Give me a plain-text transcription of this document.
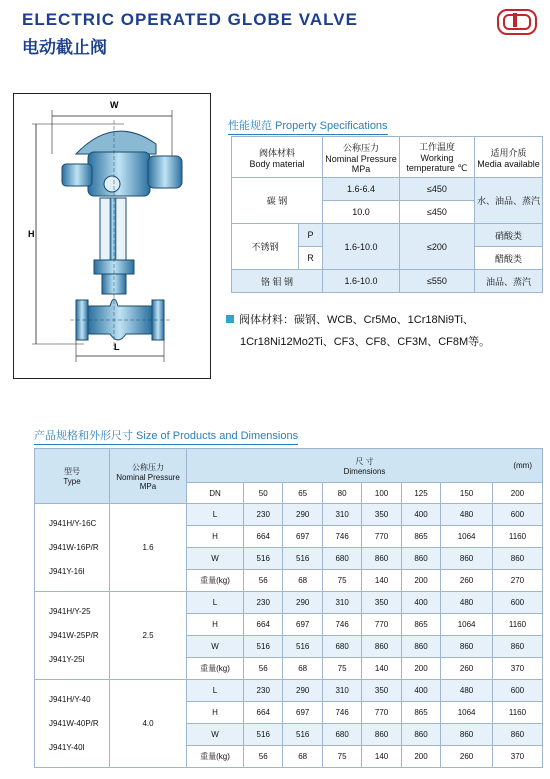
ELECTRIC OPERATED GLOBE VALVE
电动截止阀
W
H
L
性能规范 Property Specifications
阀体材料
Body material		公称压力
Nominal Pressure MPa	工作温度
Working temperature ℃	适用介质
Media available
碳 钢		1.6-6.4	≤450	水、油品、蒸汽
		10.0	≤450	
不锈钢	P	1.6-10.0	≤200	硝酸类
	R			醋酸类
铬 钼 钢		1.6-10.0	≤550	油品、蒸汽
阀体材料：碳钢、WCB、Cr5Mo、1Cr18Ni9Ti、
1Cr18Ni12Mo2Ti、CF3、CF8、CF3M、CF8M等。
产品规格和外形尺寸 Size of Products and Dimensions
型号
Type	公称压力
Nominal Pressure MPa	尺 寸
Dimensions
(mm)							

		DN	50	65	80	100	125	150	200

J941H/Y-16C
J941W-16P/R
J941Y-16I	1.6	L	230	290	310	350	400	480	600
		H	664	697	746	770	865	1064	1160
		W	516	516	680	860	860	860	860
		重量(kg)	56	68	75	140	200	260	270

J941H/Y-25
J941W-25P/R
J941Y-25I	2.5	L	230	290	310	350	400	480	600
		H	664	697	746	770	865	1064	1160
		W	516	516	680	860	860	860	860
		重量(kg)	56	68	75	140	200	260	370

J941H/Y-40
J941W-40P/R
J941Y-40I	4.0	L	230	290	310	350	400	480	600
		H	664	697	746	770	865	1064	1160
		W	516	516	680	860	860	860	860
		重量(kg)	56	68	75	140	200	260	370
